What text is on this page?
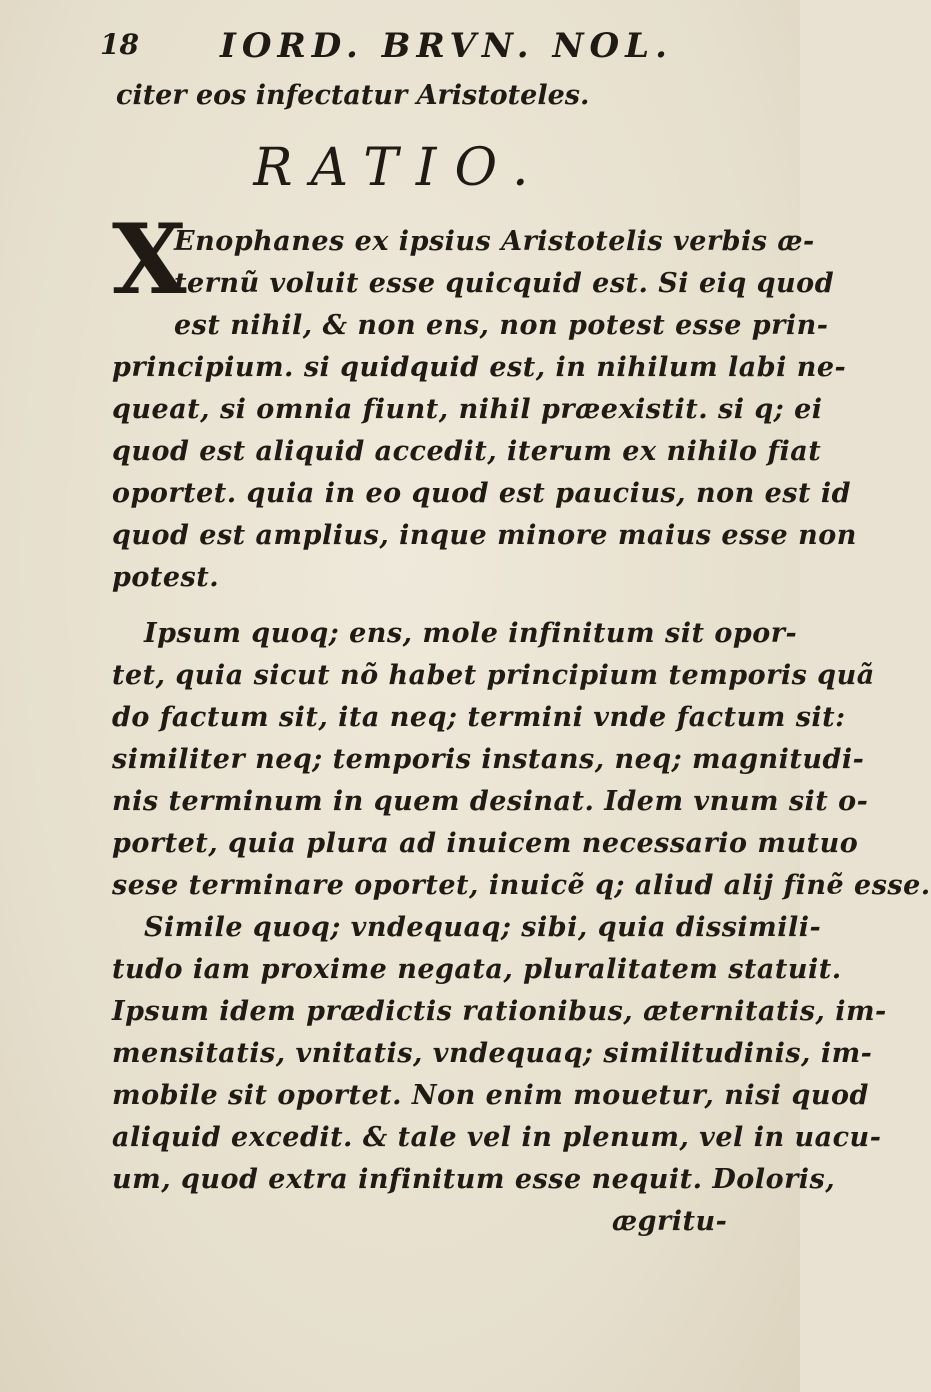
18 IORD. BRVN. NOL.
citer eos infectatur Aristoteles.
RATIO.
X
Enophanes ex ipsius Aristotelis verbis æ-
ternũ voluit esse quicquid est. Si eiq quod
est nihil, & non ens, non potest esse prin-
principium. si quidquid est, in nihilum labi ne-
queat, si omnia fiunt, nihil præexistit. si q; ei
quod est aliquid accedit, iterum ex nihilo fiat
oportet. quia in eo quod est paucius, non est id
quod est amplius, inque minore maius esse non
potest.
Ipsum quoq; ens, mole infinitum sit opor-
tet, quia sicut nõ habet principium temporis quã
do factum sit, ita neq; termini vnde factum sit:
similiter neq; temporis instans, neq; magnitudi-
nis terminum in quem desinat. Idem vnum sit o-
portet, quia plura ad inuicem necessario mutuo
sese terminare oportet, inuicẽ q; aliud alij finẽ esse.
Simile quoq; vndequaq; sibi, quia dissimili-
tudo iam proxime negata, pluralitatem statuit.
Ipsum idem prædictis rationibus, æternitatis, im-
mensitatis, vnitatis, vndequaq; similitudinis, im-
mobile sit oportet. Non enim mouetur, nisi quod
aliquid excedit. & tale vel in plenum, vel in uacu-
um, quod extra infinitum esse nequit. Doloris,
ægritu-
